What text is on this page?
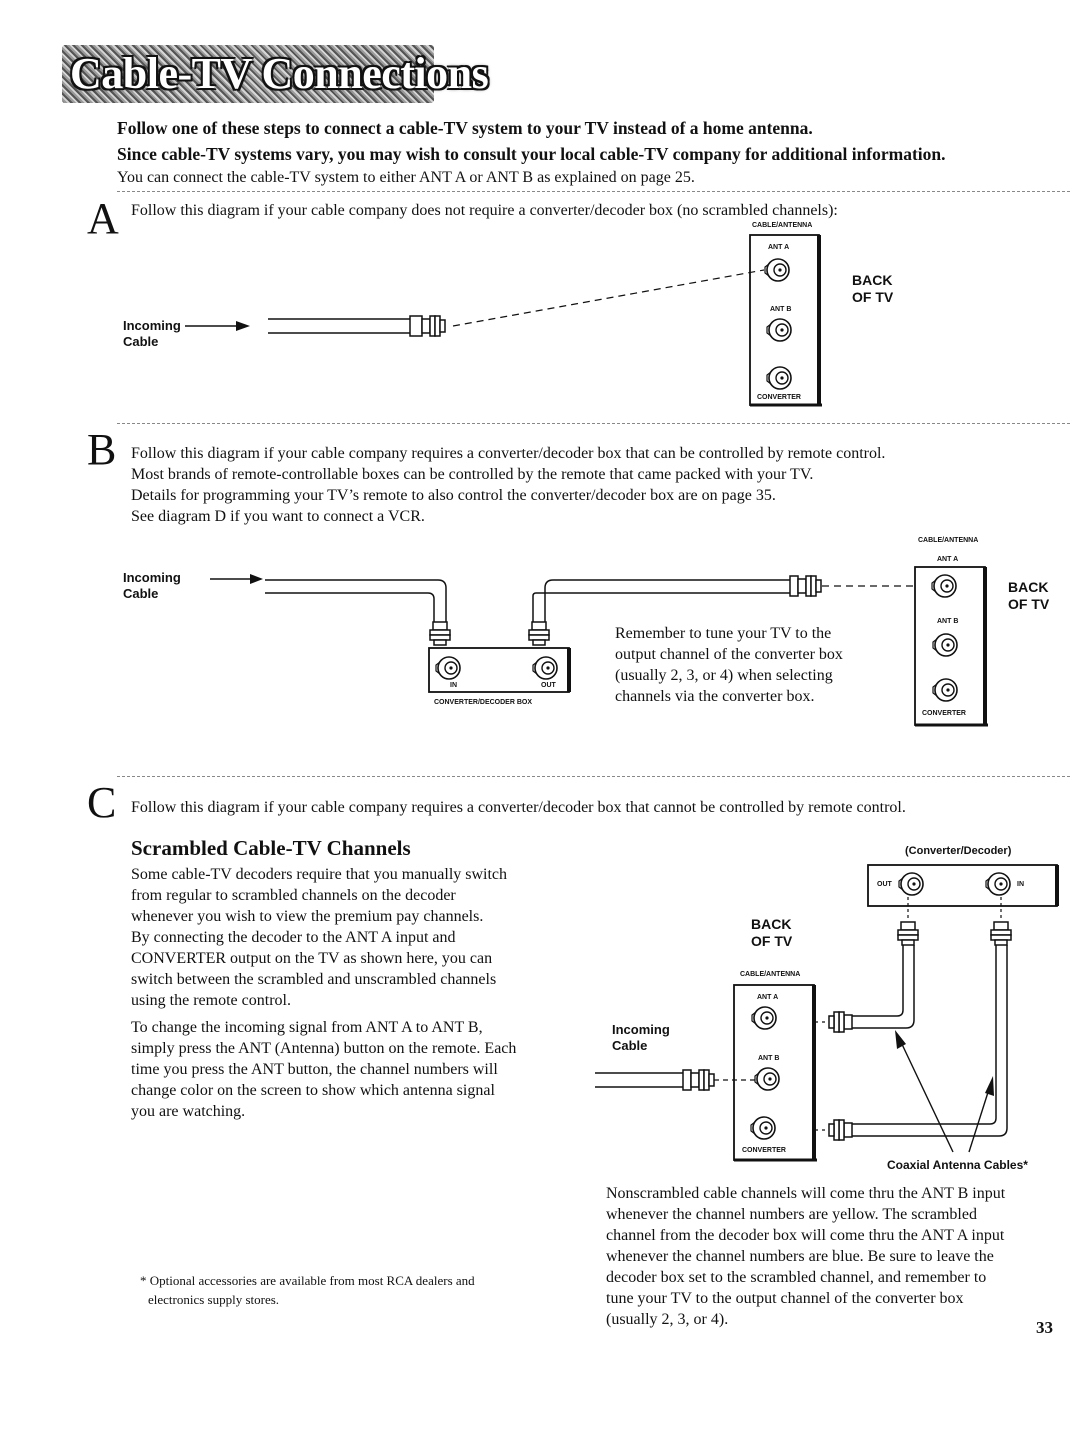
Cable-TV Connections
Follow one of these steps to connect a cable-TV system to your TV instead of a home antenna.
Since cable-TV systems vary, you may wish to consult your local cable-TV company for additional information.
You can connect the cable-TV system to either ANT A or ANT B as explained on page 25.
A Follow this diagram if your cable company does not require a converter/decoder box (no scrambled channels):
CABLE/ANTENNA
ANT A
ANT B
CONVERTER
BACK
OF TV
Incoming
Cable
B Follow this diagram if your cable company requires a converter/decoder box that can be controlled by remote control.
Most brands of remote-controllable boxes can be controlled by the remote that came packed with your TV.
Details for programming your TV’s remote to also control the converter/decoder box are on page 35.
See diagram D if you want to connect a VCR.
CABLE/ANTENNA
ANT A
ANT B
CONVERTER
BACK
OF TV
Incoming
Cable
IN	OUT
CONVERTER/DECODER BOX
Remember to tune your TV to the
output channel of the converter box
(usually 2, 3, or 4) when selecting
channels via the converter box.
C Follow this diagram if your cable company requires a converter/decoder box that cannot be controlled by remote control.
Scrambled Cable-TV Channels
Some cable-TV decoders require that you manually switch
from regular to scrambled channels on the decoder
whenever you wish to view the premium pay channels.
By connecting the decoder to the ANT A input and
CONVERTER output on the TV as shown here, you can
switch between the scrambled and unscrambled channels
using the remote control.
To change the incoming signal from ANT A to ANT B,
simply press the ANT (Antenna) button on the remote. Each
time you press the ANT button, the channel numbers will
change color on the screen to show which antenna signal
you are watching.
(Converter/Decoder)
OUT	IN
BACK
OF TV
CABLE/ANTENNA
ANT A
ANT B
CONVERTER
Incoming
Cable
Coaxial Antenna Cables*
Nonscrambled cable channels will come thru the ANT B input
whenever the channel numbers are yellow. The scrambled
channel from the decoder box will come thru the ANT A input
whenever the channel numbers are blue. Be sure to leave the
decoder box set to the scrambled channel, and remember to
tune your TV to the output channel of the converter box
(usually 2, 3, or 4).
* Optional accessories are available from most RCA dealers and
electronics supply stores.
33
